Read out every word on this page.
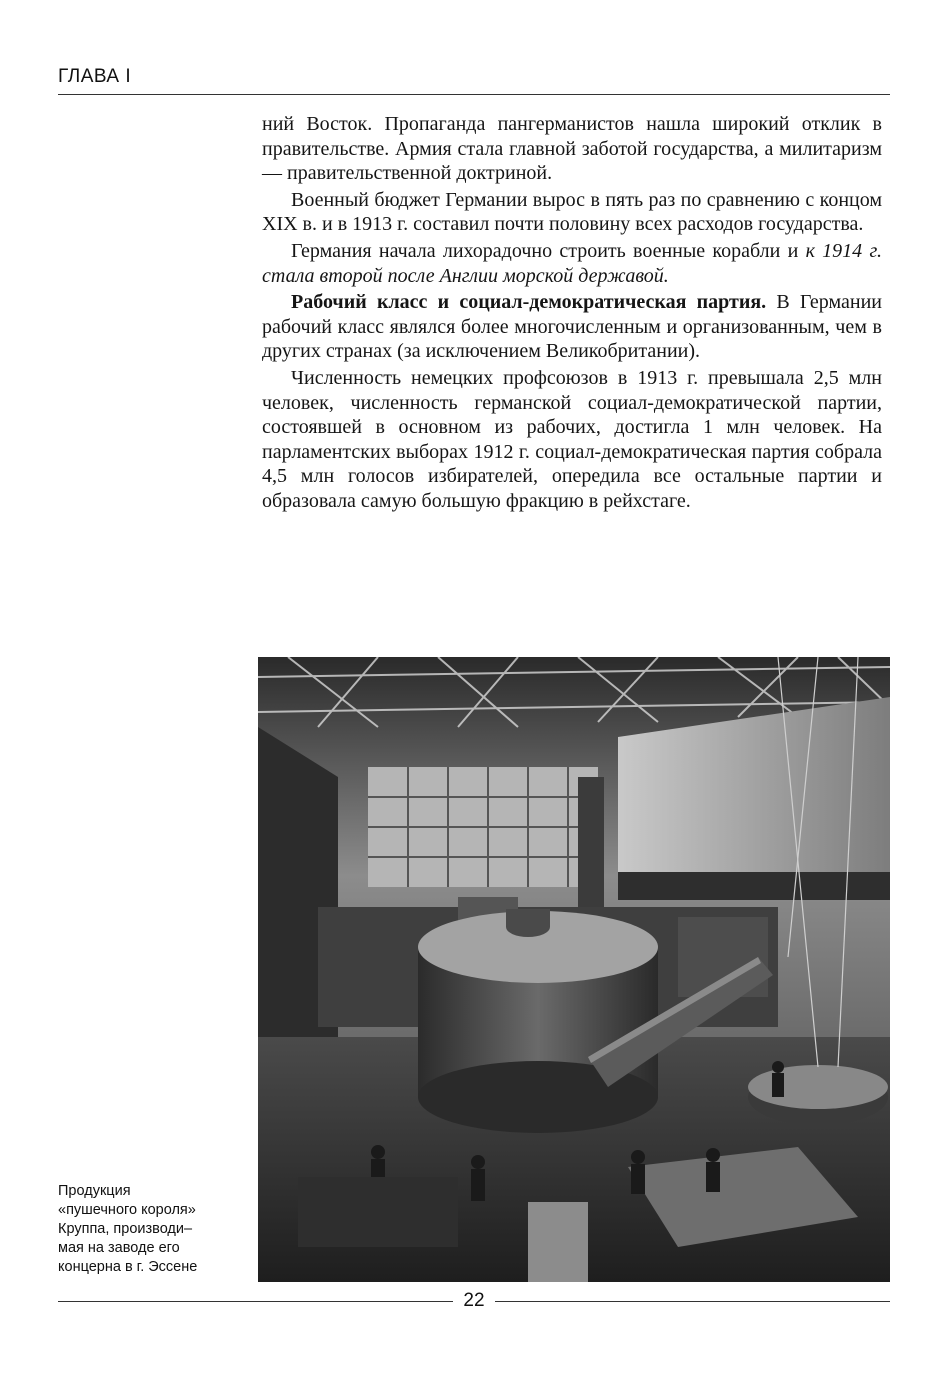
ГЛАВА I

ний Восток. Пропаганда пангерманистов нашла широкий отклик в правительстве. Армия стала главной заботой государства, а милитаризм — правительственной доктриной.

Военный бюджет Германии вырос в пять раз по сравнению с концом XIX в. и в 1913 г. составил почти половину всех расходов государства.

Германия начала лихорадочно строить военные корабли и к 1914 г. стала второй после Англии морской державой.

Рабочий класс и социал-демократическая партия. В Германии рабочий класс являлся более многочисленным и организованным, чем в других странах (за исключением Великобритании).

Численность немецких профсоюзов в 1913 г. превышала 2,5 млн человек, численность германской социал-демократической партии, состоявшей в основном из рабочих, достигла 1 млн человек. На парламентских выборах 1912 г. социал-демократическая партия собрала 4,5 млн голосов избирателей, опередила все остальные партии и образовала самую большую фракцию в рейхстаге.

Продукция
«пушечного короля»
Круппа, производи–
мая на заводе его
концерна в г. Эссене
22
